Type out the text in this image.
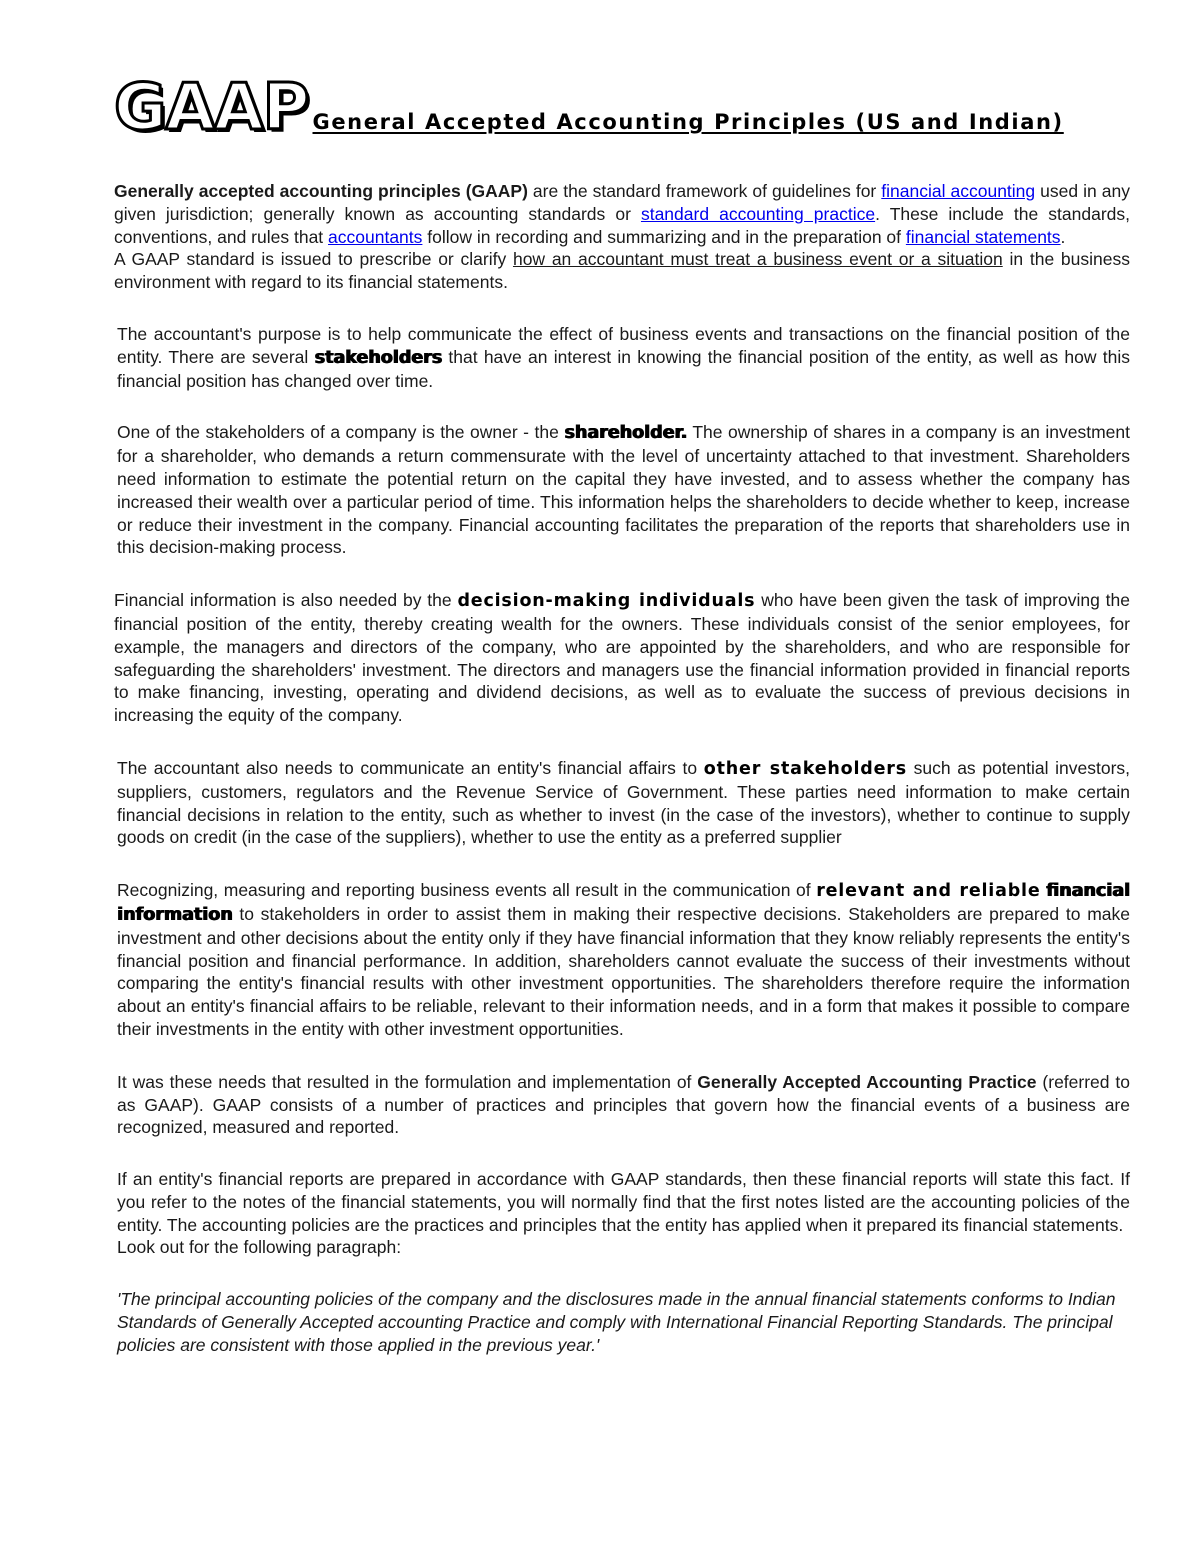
GAAP General Accepted Accounting Principles (US and Indian)

Generally accepted accounting principles (GAAP) are the standard framework of guidelines for financial accounting used in any given jurisdiction; generally known as accounting standards or standard accounting practice. These include the standards, conventions, and rules that accountants follow in recording and summarizing and in the preparation of financial statements.

A GAAP standard is issued to prescribe or clarify how an accountant must treat a business event or a situation in the business environment with regard to its financial statements.

The accountant's purpose is to help communicate the effect of business events and transactions on the financial position of the entity. There are several stakeholders that have an interest in knowing the financial position of the entity, as well as how this financial position has changed over time.

One of the stakeholders of a company is the owner - the shareholder. The ownership of shares in a company is an investment for a shareholder, who demands a return commensurate with the level of uncertainty attached to that investment. Shareholders need information to estimate the potential return on the capital they have invested, and to assess whether the company has increased their wealth over a particular period of time. This information helps the shareholders to decide whether to keep, increase or reduce their investment in the company. Financial accounting facilitates the preparation of the reports that shareholders use in this decision-making process.

Financial information is also needed by the decision-making individuals who have been given the task of improving the financial position of the entity, thereby creating wealth for the owners. These individuals consist of the senior employees, for example, the managers and directors of the company, who are appointed by the shareholders, and who are responsible for safeguarding the shareholders' investment. The directors and managers use the financial information provided in financial reports to make financing, investing, operating and dividend decisions, as well as to evaluate the success of previous decisions in increasing the equity of the company.

The accountant also needs to communicate an entity's financial affairs to other stakeholders such as potential investors, suppliers, customers, regulators and the Revenue Service of Government. These parties need information to make certain financial decisions in relation to the entity, such as whether to invest (in the case of the investors), whether to continue to supply goods on credit (in the case of the suppliers), whether to use the entity as a preferred supplier

Recognizing, measuring and reporting business events all result in the communication of relevant and reliable financial information to stakeholders in order to assist them in making their respective decisions. Stakeholders are prepared to make investment and other decisions about the entity only if they have financial information that they know reliably represents the entity's financial position and financial performance. In addition, shareholders cannot evaluate the success of their investments without comparing the entity's financial results with other investment opportunities. The shareholders therefore require the information about an entity's financial affairs to be reliable, relevant to their information needs, and in a form that makes it possible to compare their investments in the entity with other investment opportunities.

It was these needs that resulted in the formulation and implementation of Generally Accepted Accounting Practice (referred to as GAAP). GAAP consists of a number of practices and principles that govern how the financial events of a business are recognized, measured and reported.

If an entity's financial reports are prepared in accordance with GAAP standards, then these financial reports will state this fact. If you refer to the notes of the financial statements, you will normally find that the first notes listed are the accounting policies of the entity. The accounting policies are the practices and principles that the entity has applied when it prepared its financial statements.

Look out for the following paragraph:

'The principal accounting policies of the company and the disclosures made in the annual financial statements conforms to Indian Standards of Generally Accepted accounting Practice and comply with International Financial Reporting Standards. The principal policies are consistent with those applied in the previous year.'
